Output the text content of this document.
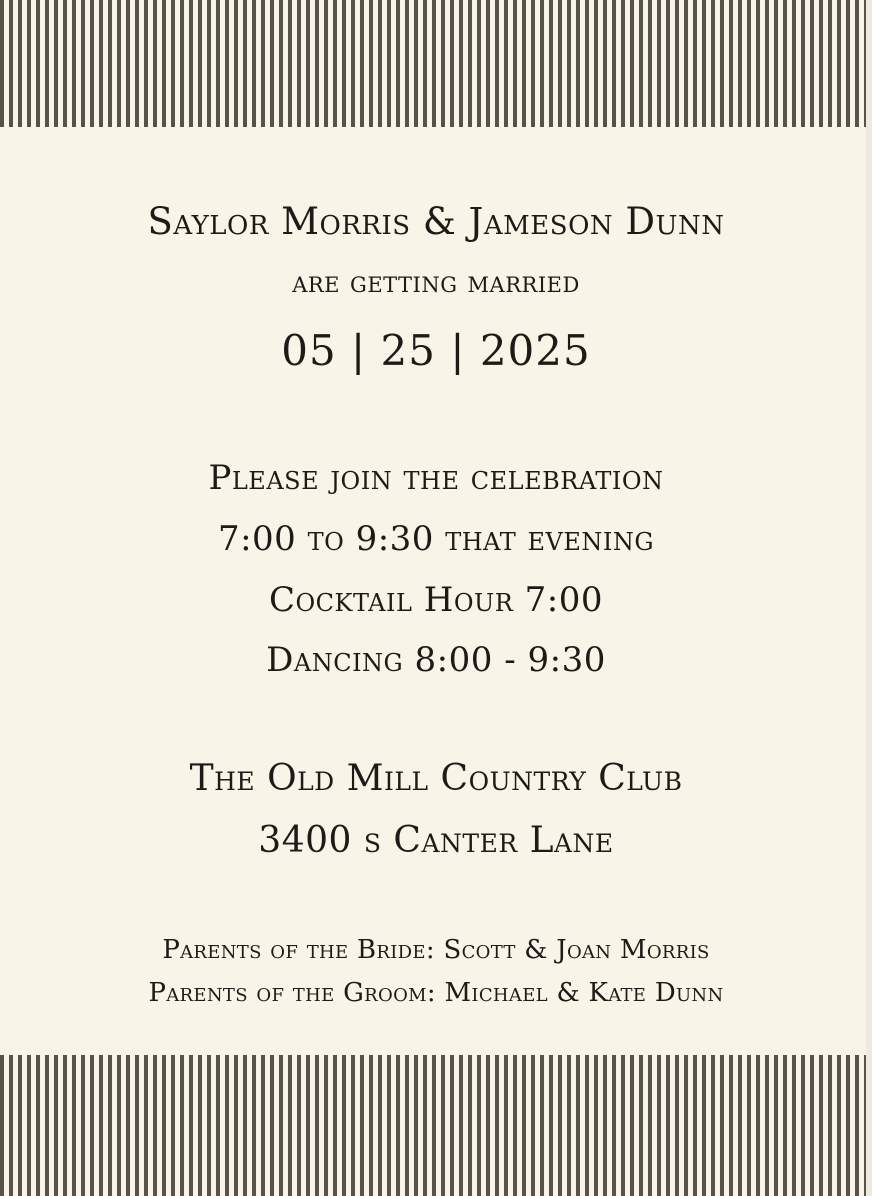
Saylor Morris & Jameson Dunn
are getting married
05 | 25 | 2025
Please join the celebration
7:00 to 9:30 that evening
Cocktail Hour 7:00
Dancing 8:00 - 9:30
The Old Mill Country Club
3400 s Canter Lane
Parents of the Bride: Scott & Joan Morris
Parents of the Groom: Michael & Kate Dunn
